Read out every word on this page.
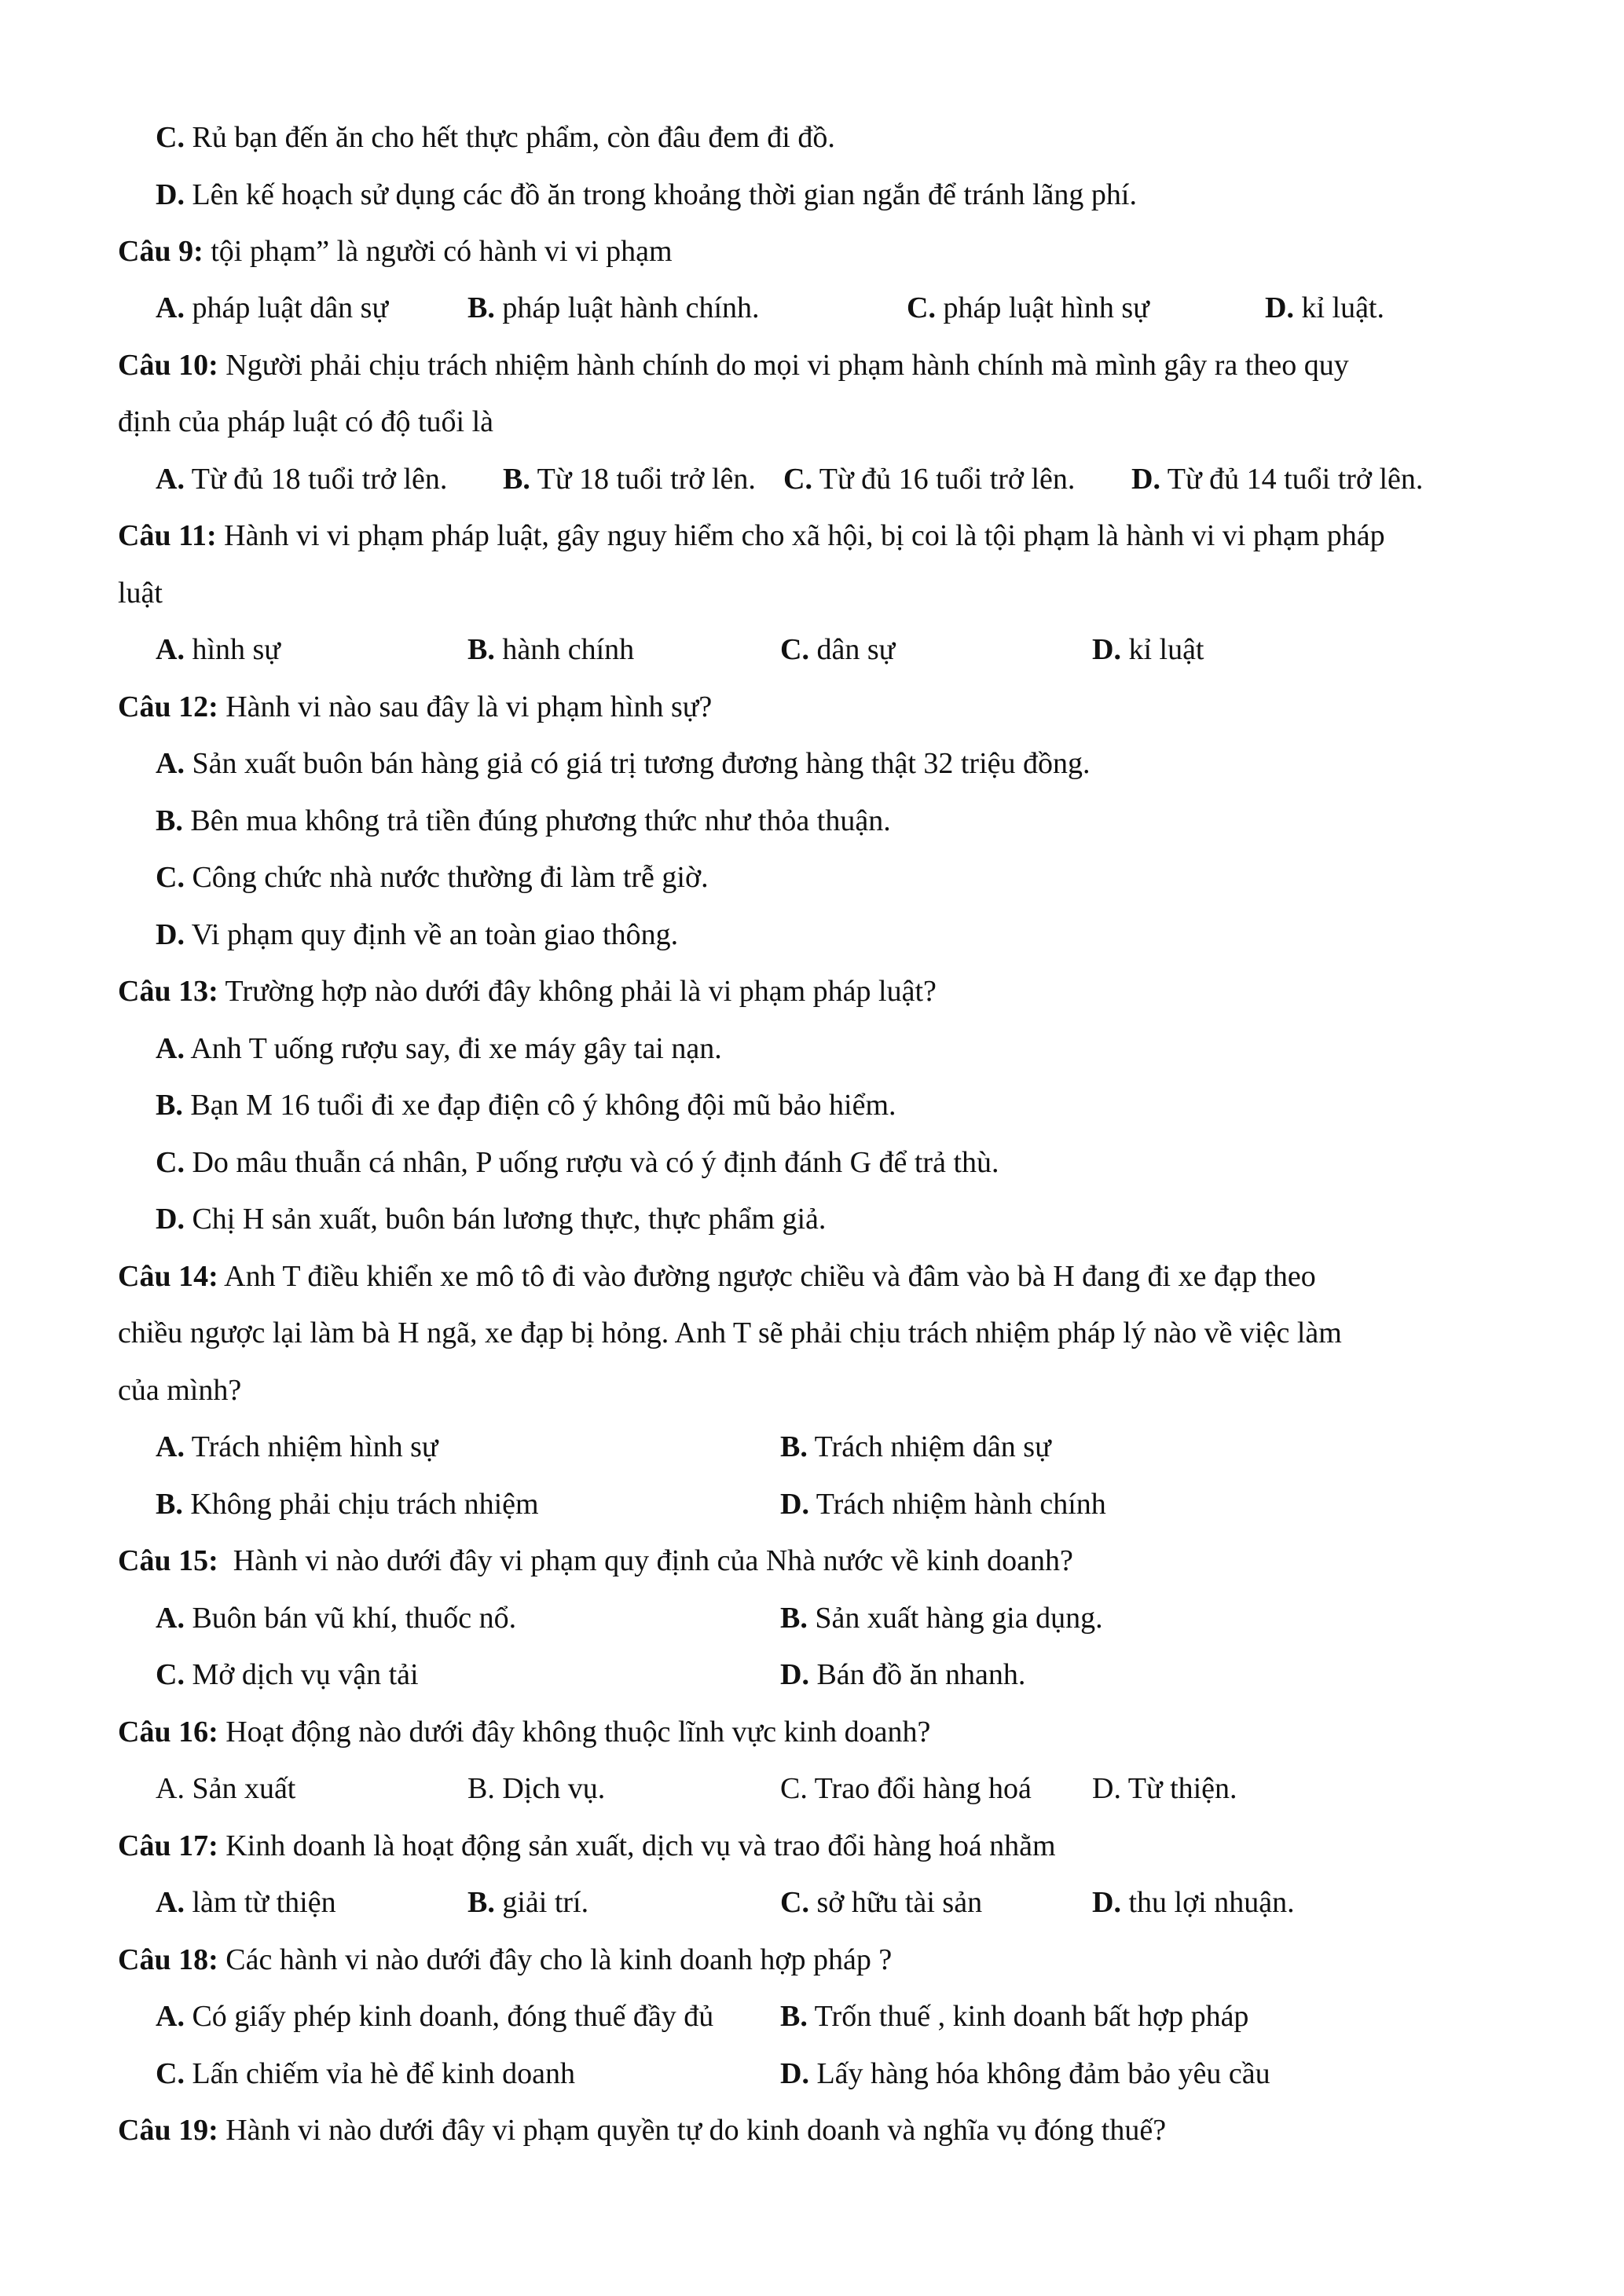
C. Rủ bạn đến ăn cho hết thực phẩm, còn đâu đem đi đồ.
D. Lên kế hoạch sử dụng các đồ ăn trong khoảng thời gian ngắn để tránh lãng phí.
Câu 9: tội phạm” là người có hành vi vi phạm
A. pháp luật dân sự	B. pháp luật hành chính.	C. pháp luật hình sự	D. kỉ luật.
Câu 10: Người phải chịu trách nhiệm hành chính do mọi vi phạm hành chính mà mình gây ra theo quy
định của pháp luật có độ tuổi là
A. Từ đủ 18 tuổi trở lên. B. Từ 18 tuổi trở lên. C. Từ đủ 16 tuổi trở lên. D. Từ đủ 14 tuổi trở lên.
Câu 11: Hành vi vi phạm pháp luật, gây nguy hiểm cho xã hội, bị coi là tội phạm là hành vi vi phạm pháp
luật
A. hình sự	B. hành chính	C. dân sự	D. kỉ luật
Câu 12: Hành vi nào sau đây là vi phạm hình sự?
A. Sản xuất buôn bán hàng giả có giá trị tương đương hàng thật 32 triệu đồng.
B. Bên mua không trả tiền đúng phương thức như thỏa thuận.
C. Công chức nhà nước thường đi làm trễ giờ.
D. Vi phạm quy định về an toàn giao thông.
Câu 13: Trường hợp nào dưới đây không phải là vi phạm pháp luật?
A. Anh T uống rượu say, đi xe máy gây tai nạn.
B. Bạn M 16 tuổi đi xe đạp điện cô ý không đội mũ bảo hiểm.
C. Do mâu thuẫn cá nhân, P uống rượu và có ý định đánh G để trả thù.
D. Chị H sản xuất, buôn bán lương thực, thực phẩm giả.
Câu 14: Anh T điều khiển xe mô tô đi vào đường ngược chiều và đâm vào bà H đang đi xe đạp theo
chiều ngược lại làm bà H ngã, xe đạp bị hỏng. Anh T sẽ phải chịu trách nhiệm pháp lý nào về việc làm
của mình?
A. Trách nhiệm hình sự	B. Trách nhiệm dân sự
B. Không phải chịu trách nhiệm	D. Trách nhiệm hành chính
Câu 15:  Hành vi nào dưới đây vi phạm quy định của Nhà nước về kinh doanh?
A. Buôn bán vũ khí, thuốc nổ.	B. Sản xuất hàng gia dụng.
C. Mở dịch vụ vận tải	D. Bán đồ ăn nhanh.
Câu 16: Hoạt động nào dưới đây không thuộc lĩnh vực kinh doanh?
A. Sản xuất	B. Dịch vụ.	C. Trao đổi hàng hoá D. Từ thiện.
Câu 17: Kinh doanh là hoạt động sản xuất, dịch vụ và trao đổi hàng hoá nhằm
A. làm từ thiện	B. giải trí.	C. sở hữu tài sản	D. thu lợi nhuận.
Câu 18: Các hành vi nào dưới đây cho là kinh doanh hợp pháp ?
A. Có giấy phép kinh doanh, đóng thuế đầy đủ B. Trốn thuế , kinh doanh bất hợp pháp
C. Lấn chiếm vỉa hè để kinh doanh	D. Lấy hàng hóa không đảm bảo yêu cầu
Câu 19: Hành vi nào dưới đây vi phạm quyền tự do kinh doanh và nghĩa vụ đóng thuế?
